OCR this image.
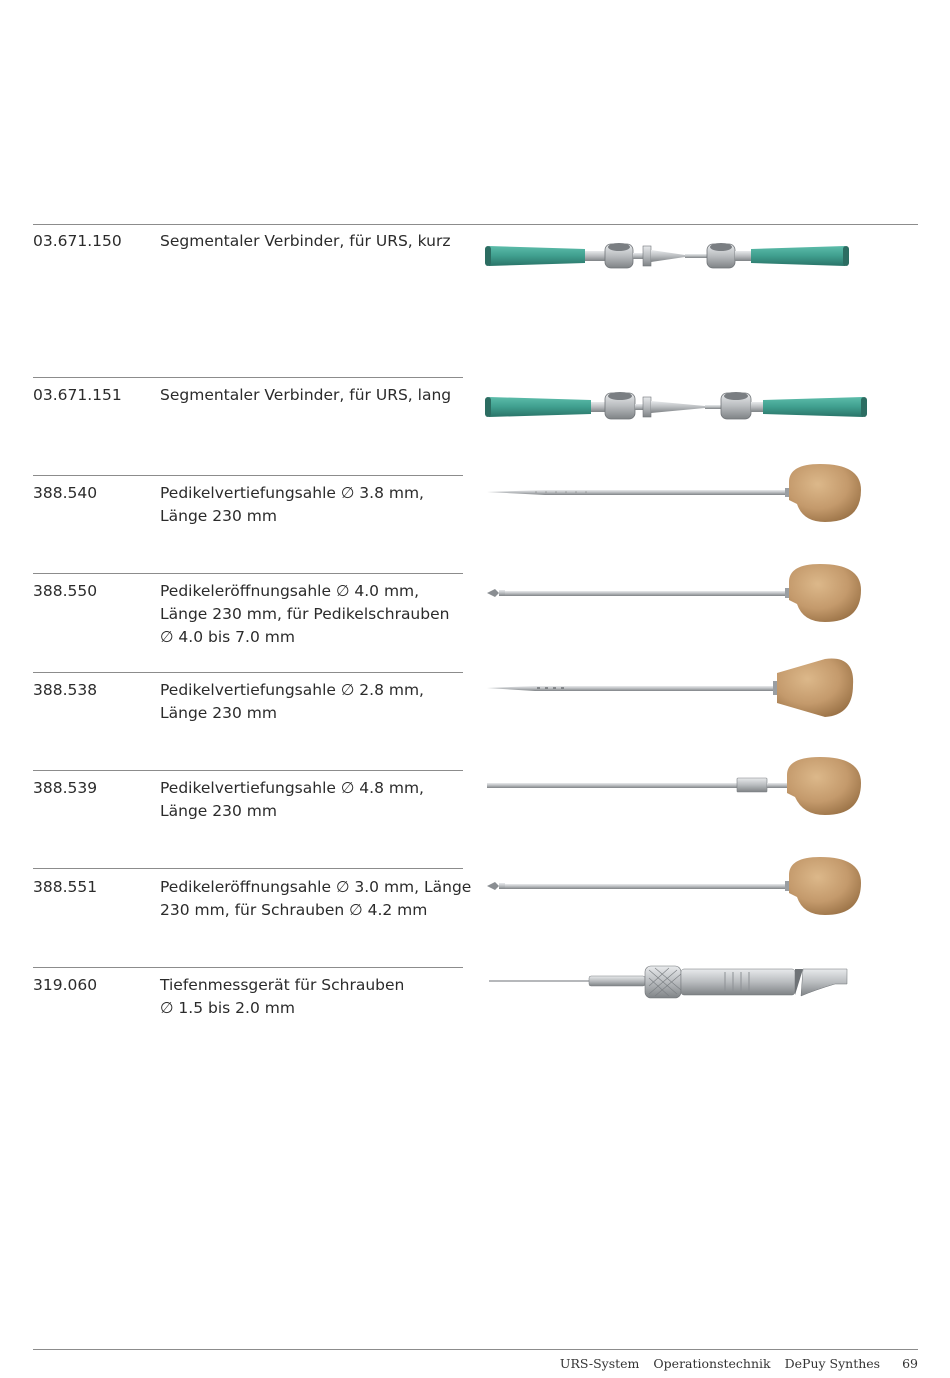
03.671.150 Segmentaler Verbinder, für URS, kurz
03.671.151 Segmentaler Verbinder, für URS, lang
388.540	Pedikelvertiefungsahle ∅ 3.8 mm,
Länge 230 mm
388.550	Pedikeleröffnungsahle ∅ 4.0 mm,
Länge 230 mm, für Pedikelschrauben
∅ 4.0 bis 7.0 mm
388.538	Pedikelvertiefungsahle ∅ 2.8 mm,
Länge 230 mm
388.539	Pedikelvertiefungsahle ∅ 4.8 mm,
Länge 230 mm
388.551	Pedikeleröffnungsahle ∅ 3.0 mm, Länge
230 mm, für Schrauben ∅ 4.2 mm
319.060	Tiefenmessgerät für Schrauben
∅ 1.5 bis 2.0 mm
URS-System Operationstechnik DePuy Synthes 69
